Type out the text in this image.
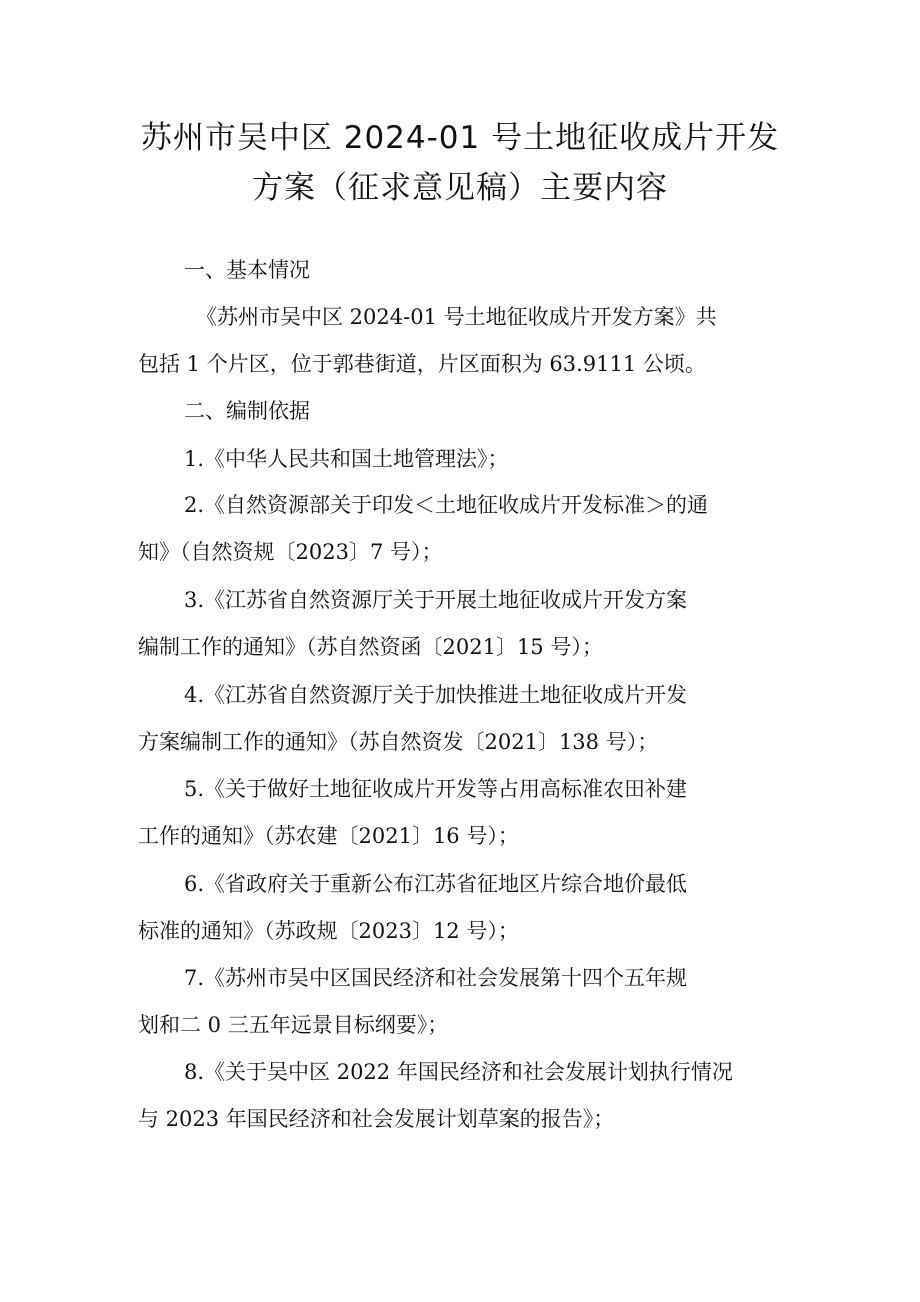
苏州市吴中区 2024-01 号土地征收成片开发
方案（征求意见稿）主要内容
一、基本情况
《苏州市吴中区 2024-01 号土地征收成片开发方案》共
包括 1 个片区，位于郭巷街道，片区面积为 63.9111 公顷。
二、编制依据
1.《中华人民共和国土地管理法》；
2.《自然资源部关于印发＜土地征收成片开发标准＞的通
知》（自然资规〔2023〕7 号）；
3.《江苏省自然资源厅关于开展土地征收成片开发方案
编制工作的通知》（苏自然资函〔2021〕15 号）；
4.《江苏省自然资源厅关于加快推进土地征收成片开发
方案编制工作的通知》（苏自然资发〔2021〕138 号）；
5.《关于做好土地征收成片开发等占用高标准农田补建
工作的通知》（苏农建〔2021〕16 号）；
6.《省政府关于重新公布江苏省征地区片综合地价最低
标准的通知》（苏政规〔2023〕12 号）；
7.《苏州市吴中区国民经济和社会发展第十四个五年规
划和二 0 三五年远景目标纲要》；
8.《关于吴中区 2022 年国民经济和社会发展计划执行情况
与 2023 年国民经济和社会发展计划草案的报告》；
